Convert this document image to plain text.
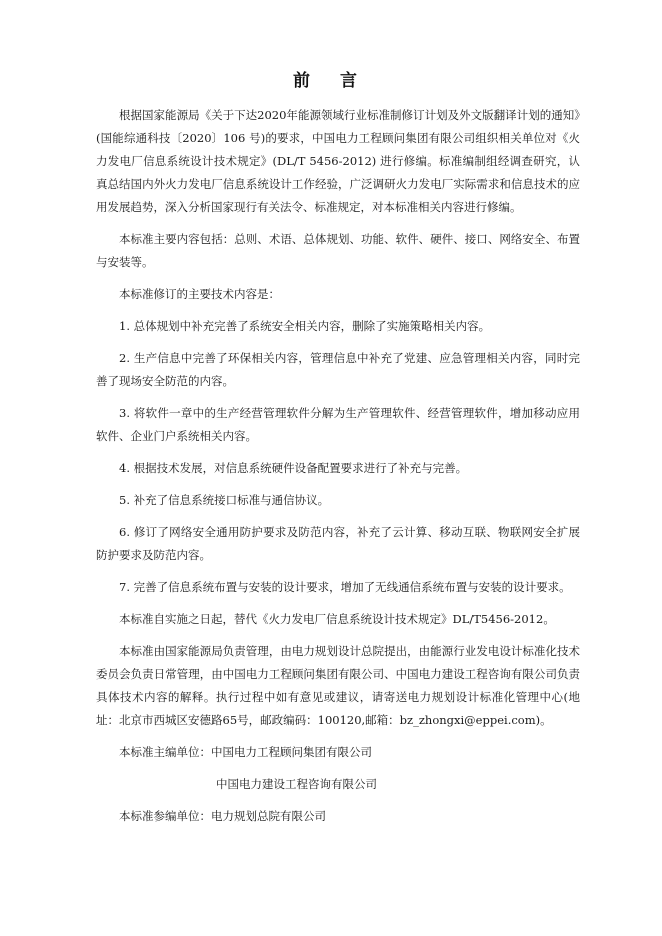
前 言

根据国家能源局《关于下达2020年能源领域行业标准制修订计划及外文版翻译计划的通知》(国能综通科技〔2020〕106 号)的要求，中国电力工程顾问集团有限公司组织相关单位对《火力发电厂信息系统设计技术规定》(DL/T 5456-2012) 进行修编。标准编制组经调查研究，认真总结国内外火力发电厂信息系统设计工作经验，广泛调研火力发电厂实际需求和信息技术的应用发展趋势，深入分析国家现行有关法令、标准规定，对本标准相关内容进行修编。

本标准主要内容包括：总则、术语、总体规划、功能、软件、硬件、接口、网络安全、布置与安装等。

本标准修订的主要技术内容是：

1. 总体规划中补充完善了系统安全相关内容，删除了实施策略相关内容。

2. 生产信息中完善了环保相关内容，管理信息中补充了党建、应急管理相关内容，同时完善了现场安全防范的内容。

3. 将软件一章中的生产经营管理软件分解为生产管理软件、经营管理软件，增加移动应用软件、企业门户系统相关内容。

4. 根据技术发展，对信息系统硬件设备配置要求进行了补充与完善。

5. 补充了信息系统接口标准与通信协议。

6. 修订了网络安全通用防护要求及防范内容，补充了云计算、移动互联、物联网安全扩展防护要求及防范内容。

7. 完善了信息系统布置与安装的设计要求，增加了无线通信系统布置与安装的设计要求。

本标准自实施之日起，替代《火力发电厂信息系统设计技术规定》DL/T5456-2012。

本标准由国家能源局负责管理，由电力规划设计总院提出，由能源行业发电设计标准化技术委员会负责日常管理，由中国电力工程顾问集团有限公司、中国电力建设工程咨询有限公司负责具体技术内容的解释。执行过程中如有意见或建议，请寄送电力规划设计标准化管理中心(地址：北京市西城区安德路65号，邮政编码：100120,邮箱：bz_zhongxi@eppei.com)。

本标准主编单位：中国电力工程顾问集团有限公司

中国电力建设工程咨询有限公司

本标准参编单位：电力规划总院有限公司
